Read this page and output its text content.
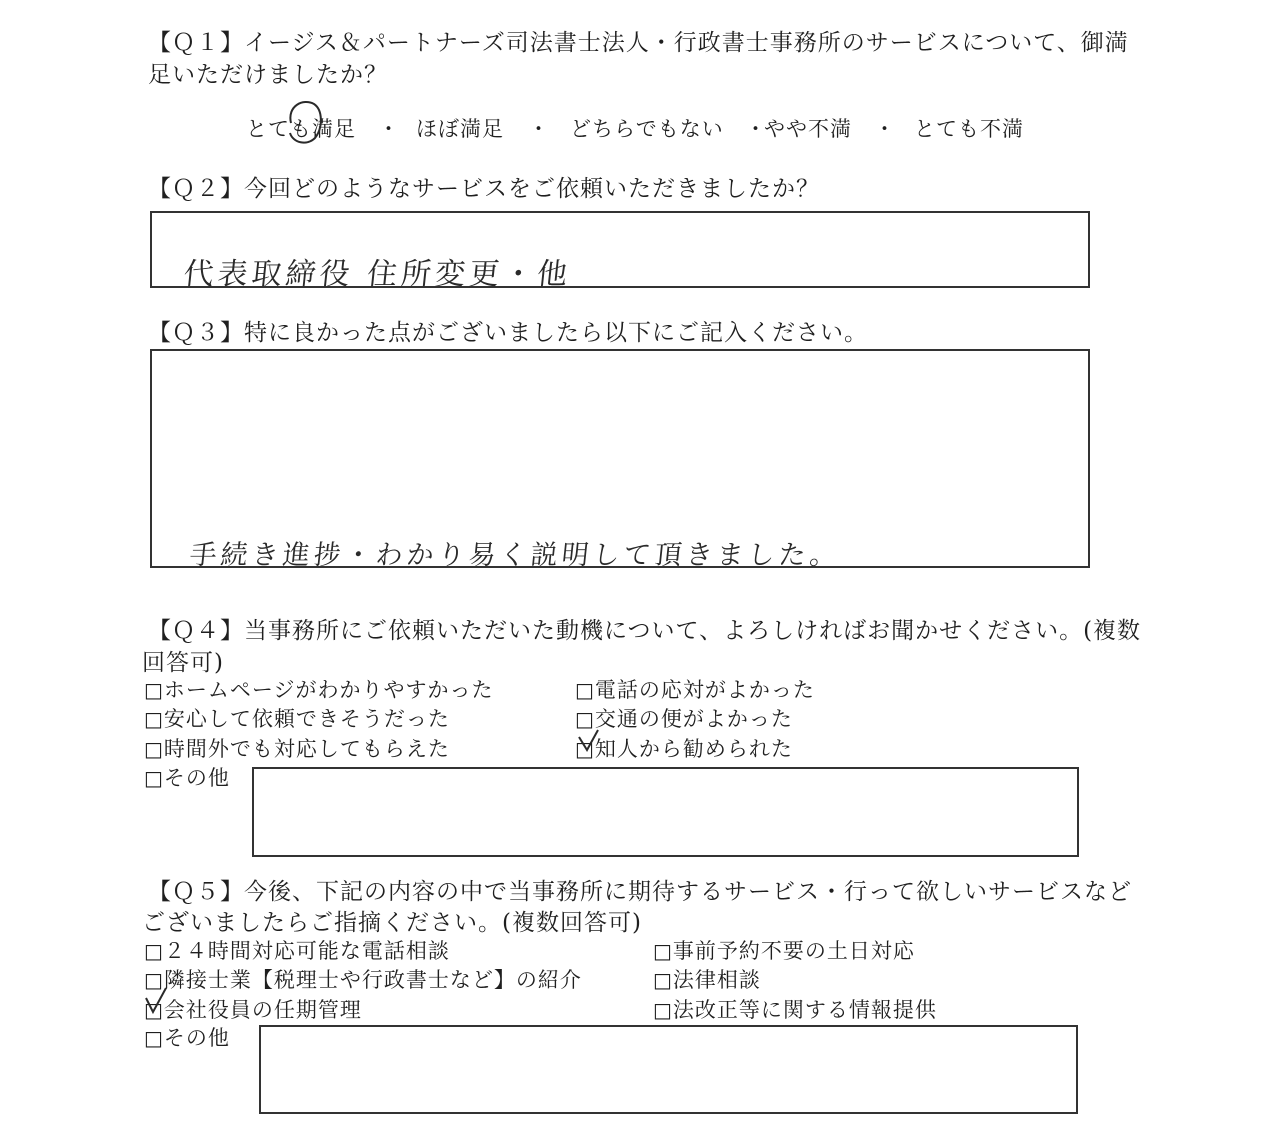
【Ｑ１】イージス＆パートナーズ司法書士法人・行政書士事務所のサービスについて、御満
足いただけましたか？
とても満足 ・ ほぼ満足 ・ どちらでもない ・
やや不満 ・ とても不満
【Ｑ２】今回どのようなサービスをご依頼いただきましたか？
代表取締役 住所変更・他
【Ｑ３】特に良かった点がございましたら以下にご記入ください。
手続き進捗・わかり易く説明して頂きました。
【Ｑ４】当事務所にご依頼いただいた動機について、よろしければお聞かせください。(複数
回答可)
□ホームページがわかりやすかった	□電話の応対がよかった
□安心して依頼できそうだった	□交通の便がよかった
□時間外でも対応してもらえた	□知人から勧められた
□その他
【Ｑ５】今後、下記の内容の中で当事務所に期待するサービス・行って欲しいサービスなど
ございましたらご指摘ください。(複数回答可)
□２４時間対応可能な電話相談	□事前予約不要の土日対応
□隣接士業【税理士や行政書士など】の紹介	□法律相談
□会社役員の任期管理	□法改正等に関する情報提供
□その他
